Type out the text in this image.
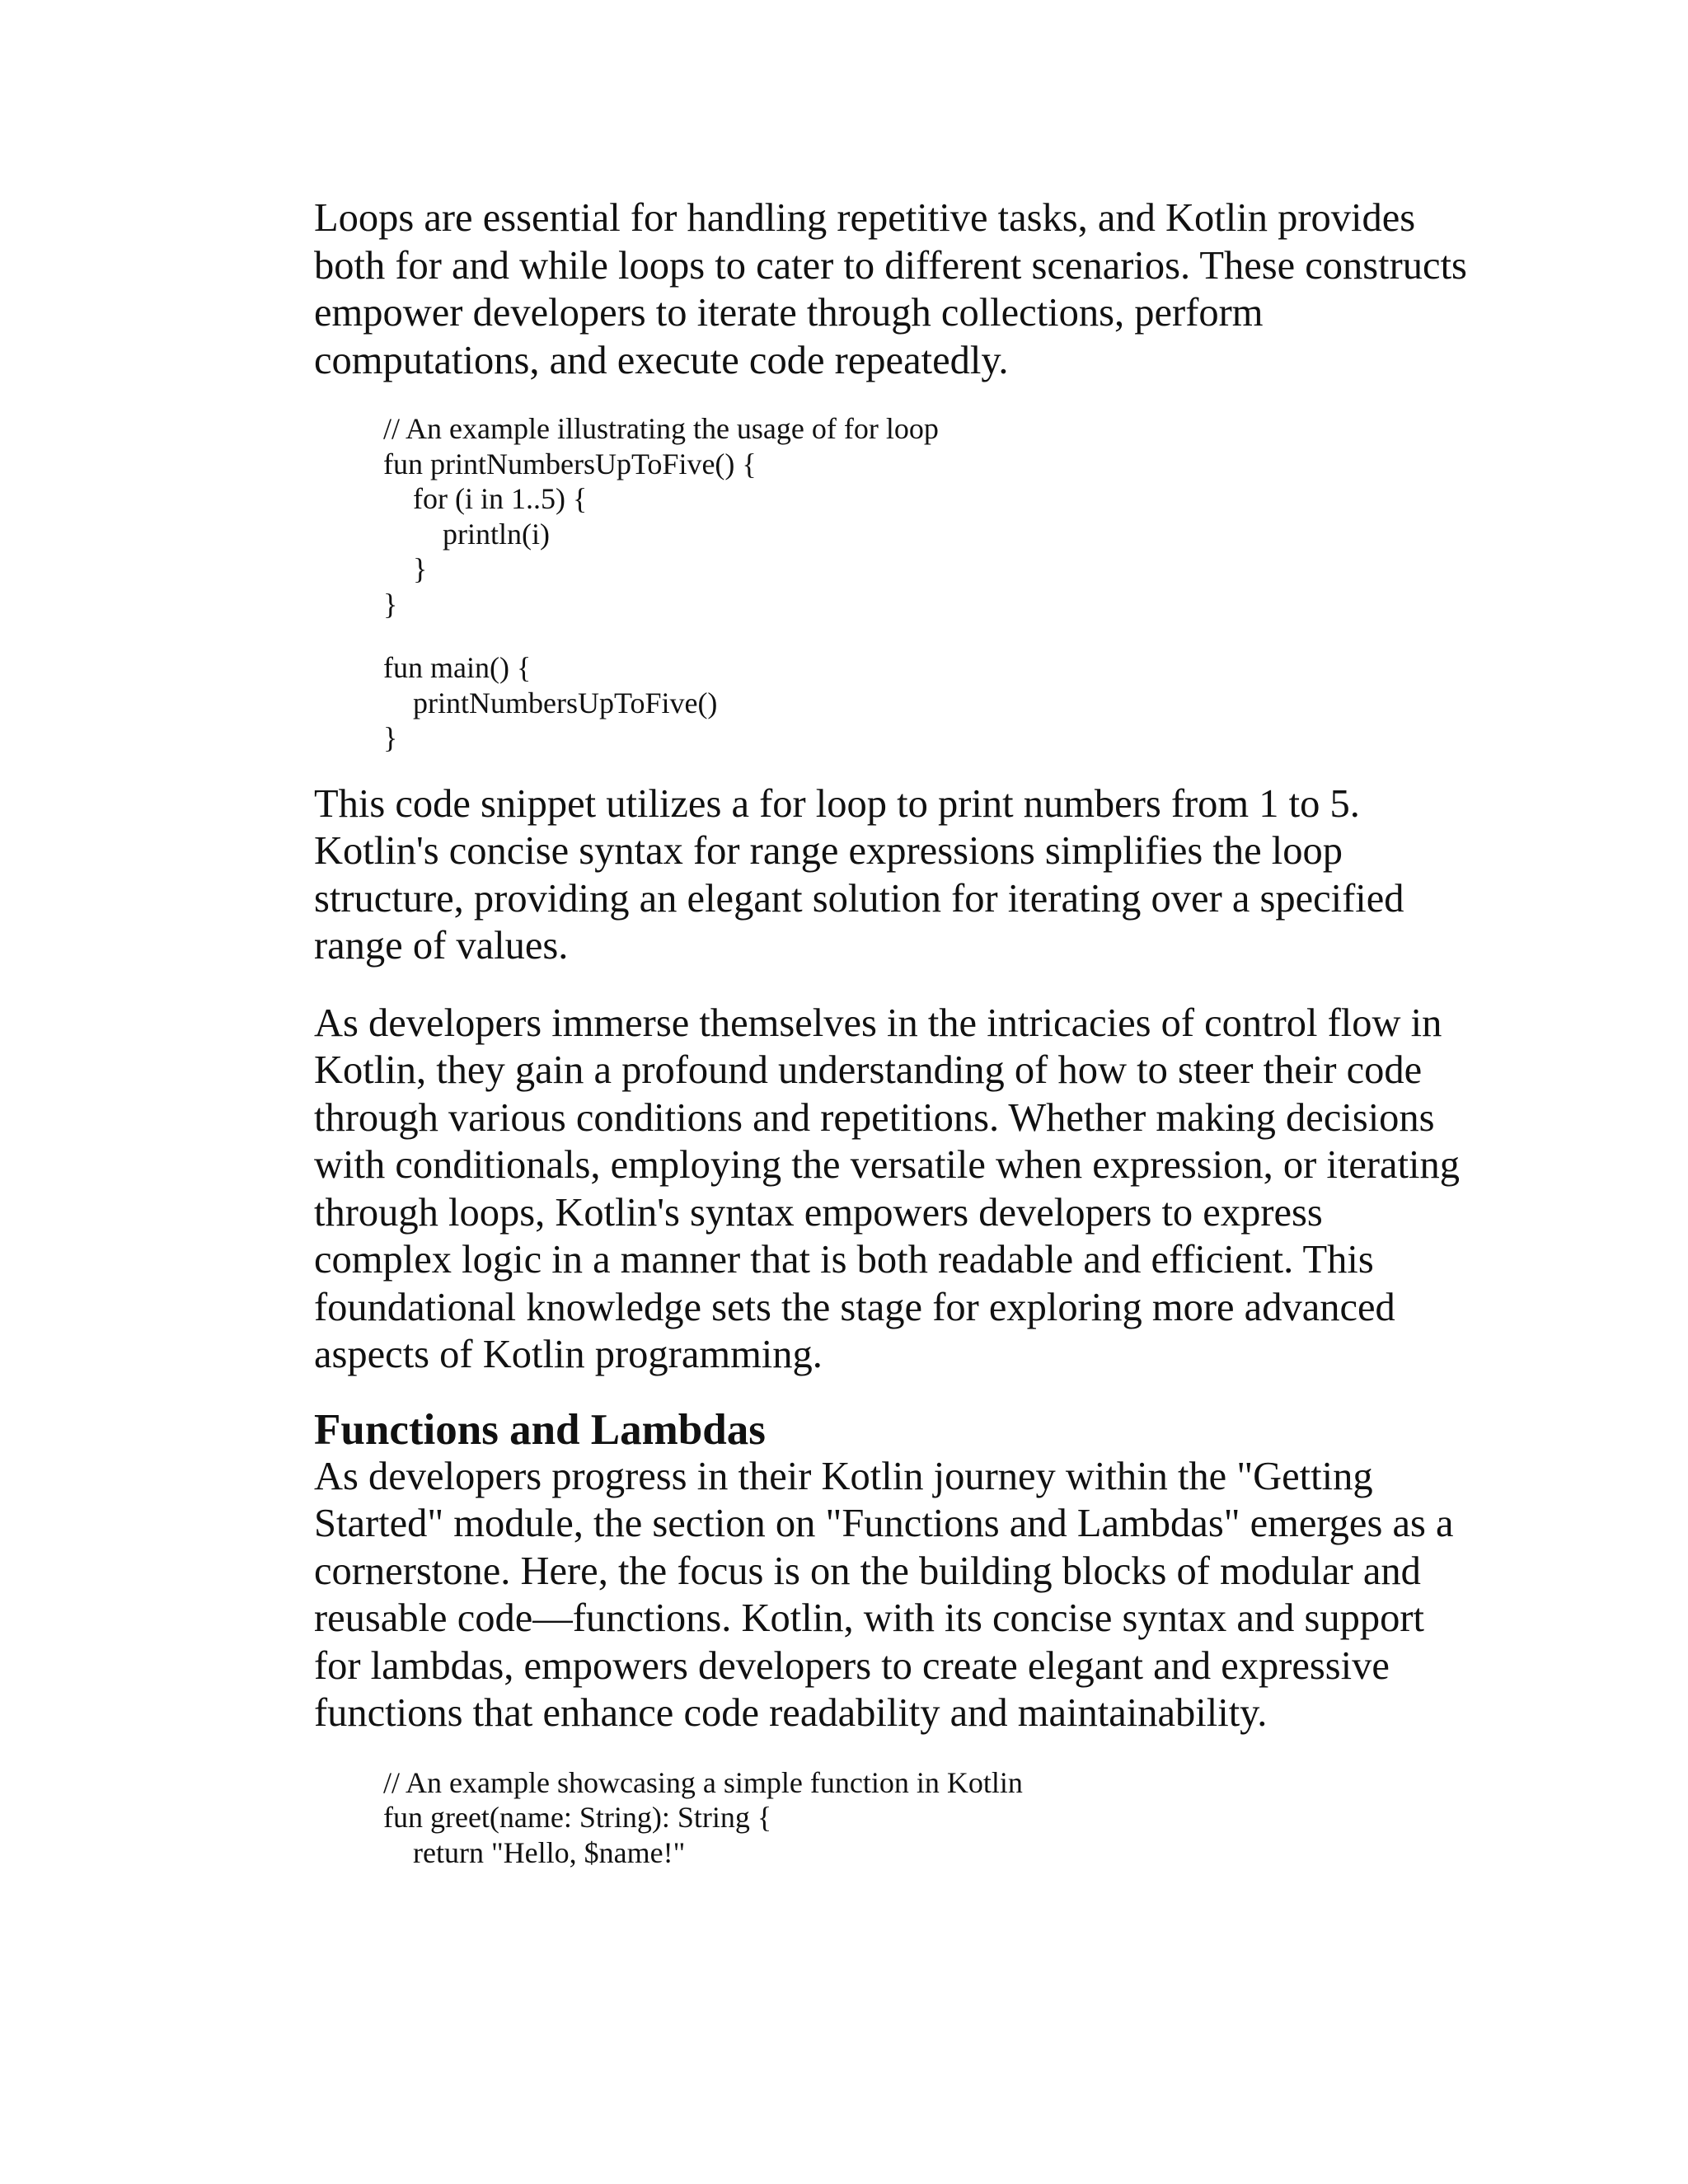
Loops are essential for handling repetitive tasks, and Kotlin provides both for and while loops to cater to different scenarios. These constructs empower developers to iterate through collections, perform computations, and execute code repeatedly.

// An example illustrating the usage of for loop
fun printNumbersUpToFive() {
for (i in 1..5) {
println(i)
}
}
fun main() {
printNumbersUpToFive()
}

This code snippet utilizes a for loop to print numbers from 1 to 5. Kotlin's concise syntax for range expressions simplifies the loop structure, providing an elegant solution for iterating over a specified range of values.

As developers immerse themselves in the intricacies of control flow in Kotlin, they gain a profound understanding of how to steer their code through various conditions and repetitions. Whether making decisions with conditionals, employing the versatile when expression, or iterating through loops, Kotlin's syntax empowers developers to express complex logic in a manner that is both readable and efficient. This foundational knowledge sets the stage for exploring more advanced aspects of Kotlin programming.

Functions and Lambdas

As developers progress in their Kotlin journey within the "Getting Started" module, the section on "Functions and Lambdas" emerges as a cornerstone. Here, the focus is on the building blocks of modular and reusable code—functions. Kotlin, with its concise syntax and support for lambdas, empowers developers to create elegant and expressive functions that enhance code readability and maintainability.

// An example showcasing a simple function in Kotlin
fun greet(name: String): String {
return "Hello, $name!"
